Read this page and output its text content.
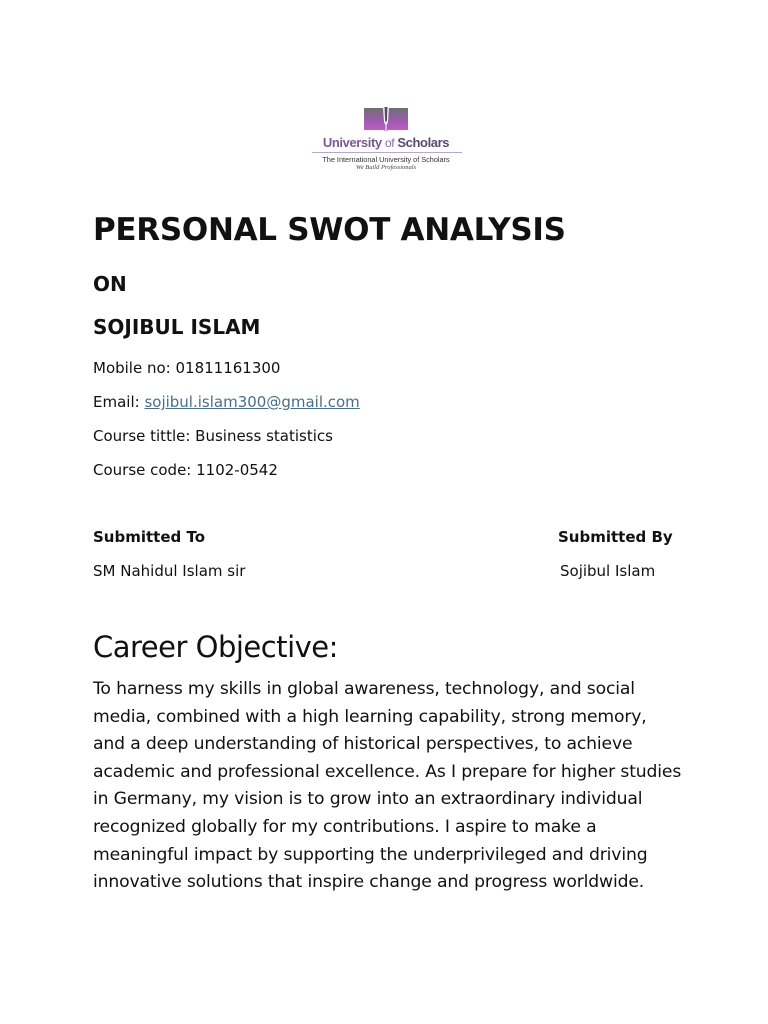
University of Scholars
The International University of Scholars
We Build Professionals
PERSONAL SWOT ANALYSIS
ON
SOJIBUL ISLAM
Mobile no: 01811161300
Email: sojibul.islam300@gmail.com
Course tittle: Business statistics
Course code: 1102-0542
Submitted To	Submitted By
SM Nahidul Islam sir	Sojibul Islam
Career Objective:
To harness my skills in global awareness, technology, and social media, combined with a high learning capability, strong memory, and a deep understanding of historical perspectives, to achieve academic and professional excellence. As I prepare for higher studies in Germany, my vision is to grow into an extraordinary individual recognized globally for my contributions. I aspire to make a meaningful impact by supporting the underprivileged and driving innovative solutions that inspire change and progress worldwide.
